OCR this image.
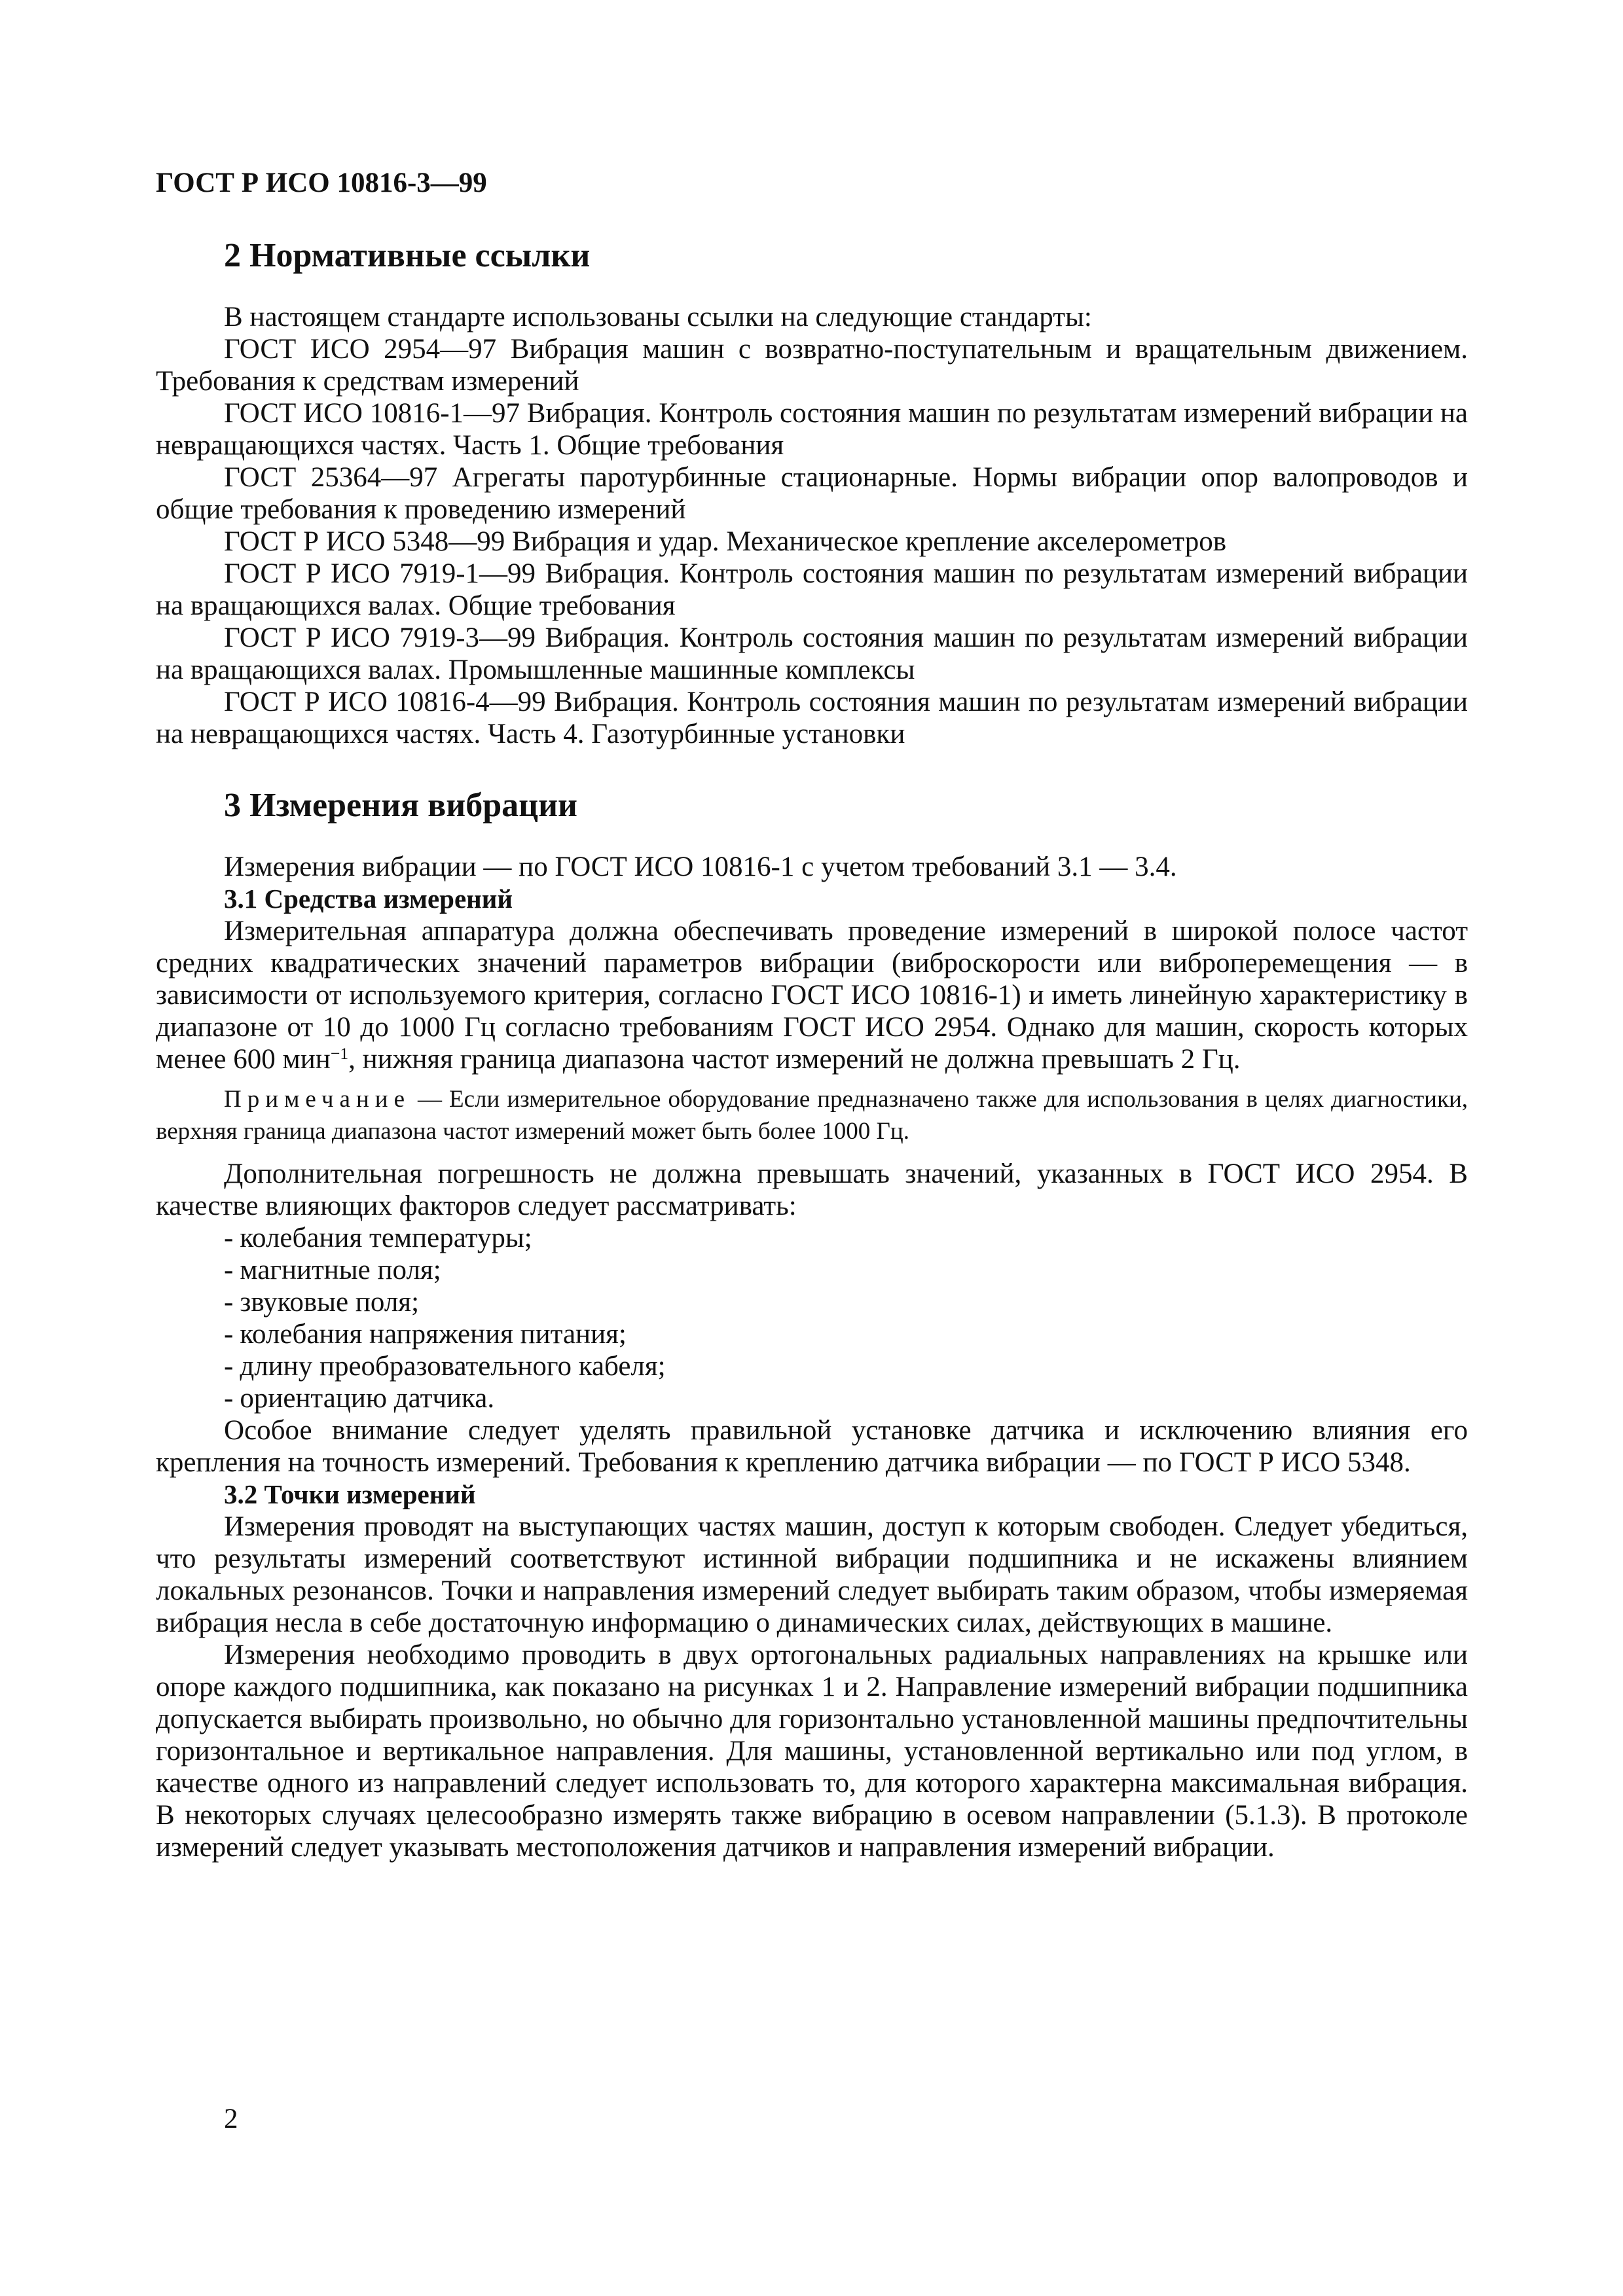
ГОСТ Р ИСО 10816-3—99
2 Нормативные ссылки

В настоящем стандарте использованы ссылки на следующие стандарты:

ГОСТ ИСО 2954—97 Вибрация машин с возвратно-поступательным и вращательным движением. Требования к средствам измерений

ГОСТ ИСО 10816-1—97 Вибрация. Контроль состояния машин по результатам измерений вибрации на невращающихся частях. Часть 1. Общие требования

ГОСТ 25364—97 Агрегаты паротурбинные стационарные. Нормы вибрации опор валопроводов и общие требования к проведению измерений

ГОСТ Р ИСО 5348—99 Вибрация и удар. Механическое крепление акселерометров

ГОСТ Р ИСО 7919-1—99 Вибрация. Контроль состояния машин по результатам измерений вибрации на вращающихся валах. Общие требования

ГОСТ Р ИСО 7919-3—99 Вибрация. Контроль состояния машин по результатам измерений вибрации на вращающихся валах. Промышленные машинные комплексы

ГОСТ Р ИСО 10816-4—99 Вибрация. Контроль состояния машин по результатам измерений вибрации на невращающихся частях. Часть 4. Газотурбинные установки

3 Измерения вибрации

Измерения вибрации — по ГОСТ ИСО 10816-1 с учетом требований 3.1 — 3.4.

3.1 Средства измерений

Измерительная аппаратура должна обеспечивать проведение измерений в широкой полосе частот средних квадратических значений параметров вибрации (виброскорости или виброперемещения — в зависимости от используемого критерия, согласно ГОСТ ИСО 10816-1) и иметь линейную характеристику в диапазоне от 10 до 1000 Гц согласно требованиям ГОСТ ИСО 2954. Однако для машин, скорость которых менее 600 мин$^{-1}$, нижняя граница диапазона частот измерений не должна превышать 2 Гц.

Примечание — Если измерительное оборудование предназначено также для использования в целях диагностики, верхняя граница диапазона частот измерений может быть более 1000 Гц.

Дополнительная погрешность не должна превышать значений, указанных в ГОСТ ИСО 2954. В качестве влияющих факторов следует рассматривать:

- колебания температуры;
- магнитные поля;
- звуковые поля;
- колебания напряжения питания;
- длину преобразовательного кабеля;
- ориентацию датчика.

Особое внимание следует уделять правильной установке датчика и исключению влияния его крепления на точность измерений. Требования к креплению датчика вибрации — по ГОСТ Р ИСО 5348.

3.2 Точки измерений

Измерения проводят на выступающих частях машин, доступ к которым свободен. Следует убедиться, что результаты измерений соответствуют истинной вибрации подшипника и не искажены влиянием локальных резонансов. Точки и направления измерений следует выбирать таким образом, чтобы измеряемая вибрация несла в себе достаточную информацию о динамических силах, действующих в машине.

Измерения необходимо проводить в двух ортогональных радиальных направлениях на крышке или опоре каждого подшипника, как показано на рисунках 1 и 2. Направление измерений вибрации подшипника допускается выбирать произвольно, но обычно для горизонтально установленной машины предпочтительны горизонтальное и вертикальное направления. Для машины, установленной вертикально или под углом, в качестве одного из направлений следует использовать то, для которого характерна максимальная вибрация. В некоторых случаях целесообразно измерять также вибрацию в осевом направлении (5.1.3). В протоколе измерений следует указывать местоположения датчиков и направления измерений вибрации.

2
